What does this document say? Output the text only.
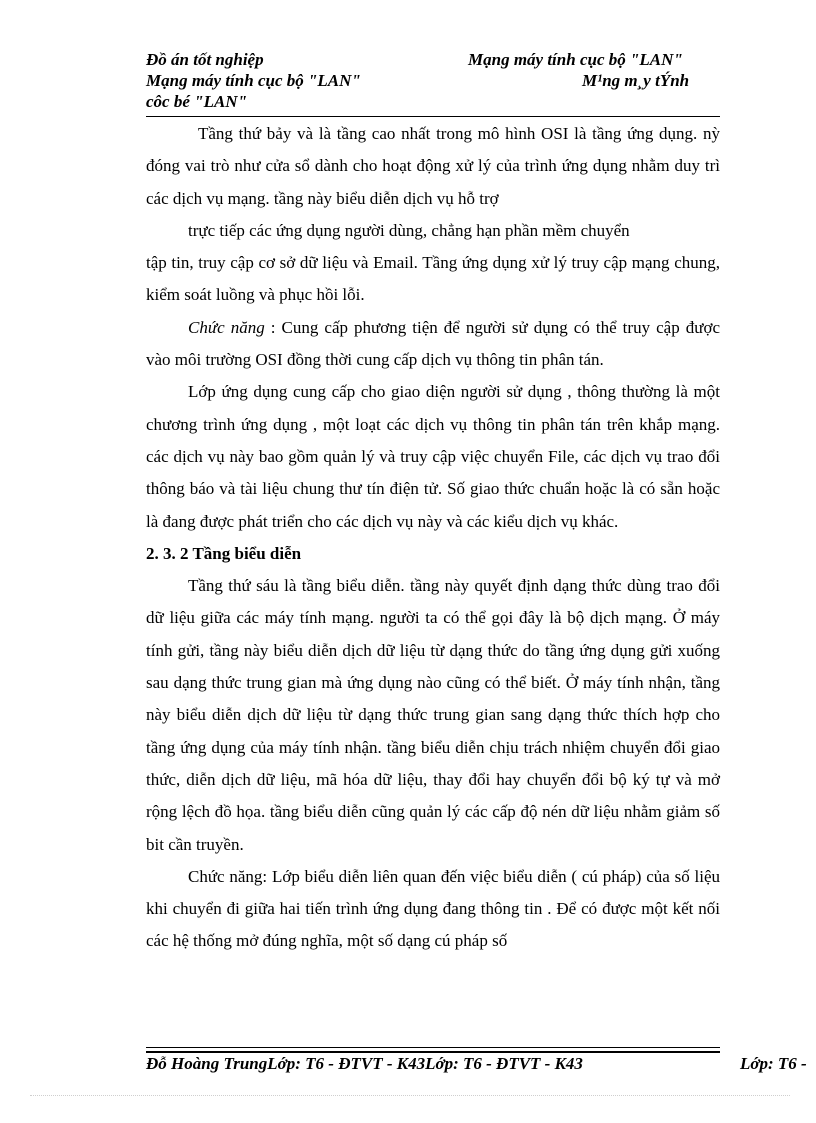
Đồ án tốt nghiệp	Mạng máy tính cục bộ "LAN"
Mạng máy tính cục bộ "LAN"	M¹ng m¸y tÝnh
côc bé "LAN"

Tầng thứ bảy và là tầng cao nhất trong mô hình OSI là tầng ứng dụng. nỳ đóng vai trò như cửa sổ dành cho hoạt động xử lý của trình ứng dụng nhằm duy trì các dịch vụ mạng. tầng này biểu diễn dịch vụ hỗ trợ

trực tiếp các ứng dụng người dùng, chẳng hạn phần mềm chuyển

tập tin, truy cập cơ sở dữ liệu và Email. Tầng ứng dụng xử lý truy cập mạng chung, kiểm soát luồng và phục hồi lỗi.

Chức năng : Cung cấp phương tiện để người sử dụng có thể truy cập được vào môi trường OSI đồng thời cung cấp dịch vụ thông tin phân tán.

Lớp ứng dụng cung cấp cho giao diện người sử dụng , thông thường là một chương trình ứng dụng , một loạt các dịch vụ thông tin phân tán trên khắp mạng. các dịch vụ này bao gồm quản lý và truy cập việc chuyển File, các dịch vụ trao đổi thông báo và tài liệu chung thư tín điện tử. Số giao thức chuẩn hoặc là có sẵn hoặc là đang được phát triển cho các dịch vụ này và các kiểu dịch vụ khác.

2. 3. 2 Tầng biểu diễn

Tầng thứ sáu là tầng biểu diễn. tầng này quyết định dạng thức dùng trao đổi dữ liệu giữa các máy tính mạng. người ta có thể gọi đây là bộ dịch mạng. Ở máy tính gửi, tầng này biểu diễn dịch dữ liệu từ dạng thức do tầng ứng dụng gửi xuống sau dạng thức trung gian mà ứng dụng nào cũng có thể biết. Ở máy tính nhận, tầng này biểu diễn dịch dữ liệu từ dạng thức trung gian sang dạng thức thích hợp cho tầng ứng dụng của máy tính nhận. tầng biểu diễn chịu trách nhiệm chuyển đổi giao thức, diễn dịch dữ liệu, mã hóa dữ liệu, thay đổi hay chuyển đổi bộ ký tự và mở rộng lệch đồ họa. tầng biểu diễn cũng quản lý các cấp độ nén dữ liệu nhằm giảm số bit cần truyền.

Chức năng: Lớp biểu diễn liên quan đến việc biểu diễn ( cú pháp) của số liệu khi chuyển đi giữa hai tiến trình ứng dụng đang thông tin . Để có được một kết nối các hệ thống mở đúng nghĩa, một số dạng cú pháp số

Đỗ Hoàng TrungLớp: T6 - ĐTVT - K43Lớp: T6 - ĐTVT - K43	Lớp: T6 -
